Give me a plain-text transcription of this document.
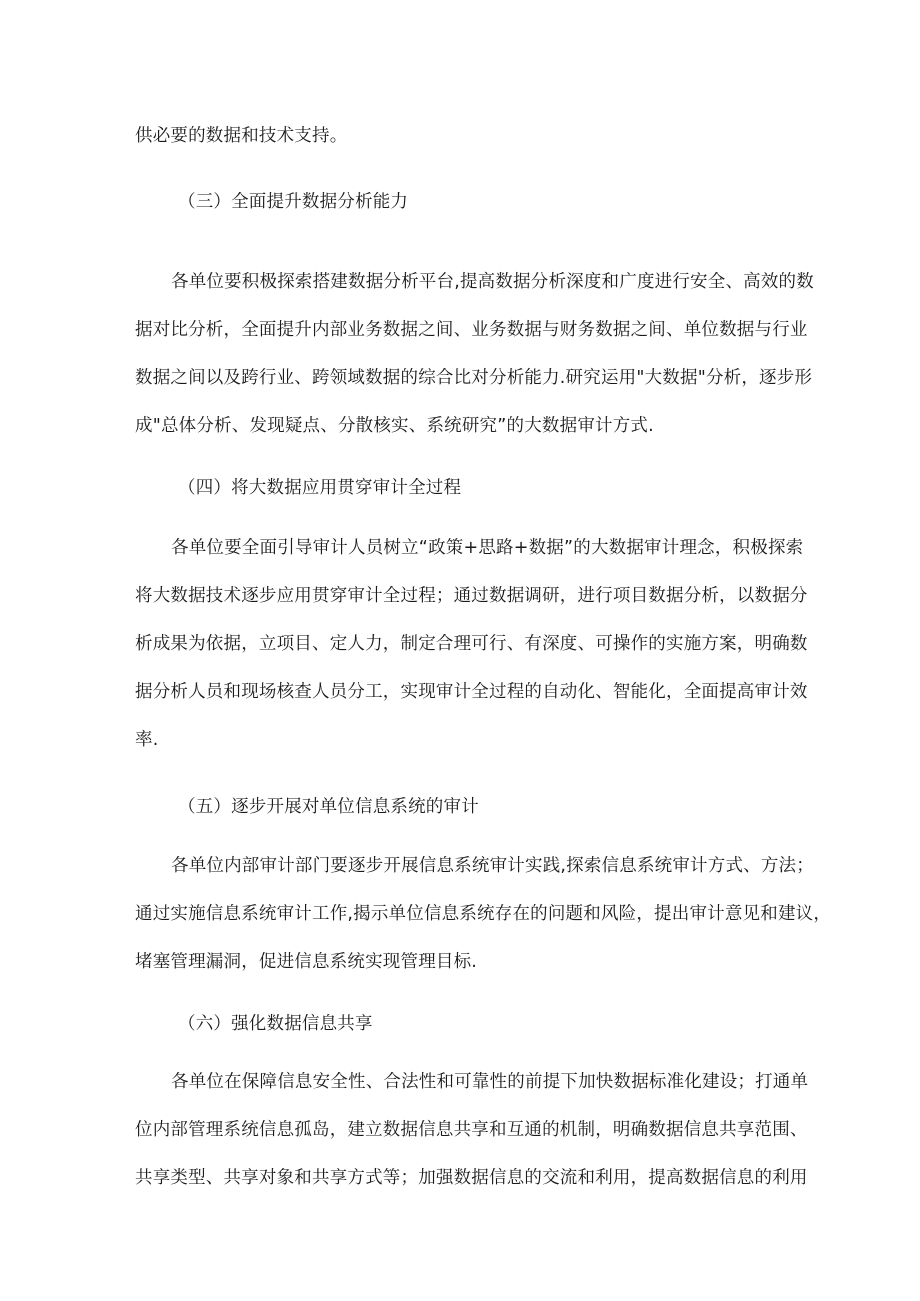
供必要的数据和技术支持。
（三）全面提升数据分析能力
各单位要积极探索搭建数据分析平台,提高数据分析深度和广度进行安全、高效的数
据对比分析，全面提升内部业务数据之间、业务数据与财务数据之间、单位数据与行业
数据之间以及跨行业、跨领域数据的综合比对分析能力.研究运用"大数据"分析，逐步形
成"总体分析、发现疑点、分散核实、系统研究”的大数据审计方式.
（四）将大数据应用贯穿审计全过程
各单位要全面引导审计人员树立“政策+思路+数据”的大数据审计理念，积极探索
将大数据技术逐步应用贯穿审计全过程；通过数据调研，进行项目数据分析，以数据分
析成果为依据，立项目、定人力，制定合理可行、有深度、可操作的实施方案，明确数
据分析人员和现场核查人员分工，实现审计全过程的自动化、智能化，全面提高审计效
率.
（五）逐步开展对单位信息系统的审计
各单位内部审计部门要逐步开展信息系统审计实践,探索信息系统审计方式、方法；
通过实施信息系统审计工作,揭示单位信息系统存在的问题和风险，提出审计意见和建议，
堵塞管理漏洞，促进信息系统实现管理目标.
（六）强化数据信息共享
各单位在保障信息安全性、合法性和可靠性的前提下加快数据标准化建设；打通单
位内部管理系统信息孤岛，建立数据信息共享和互通的机制，明确数据信息共享范围、
共享类型、共享对象和共享方式等；加强数据信息的交流和利用，提高数据信息的利用
